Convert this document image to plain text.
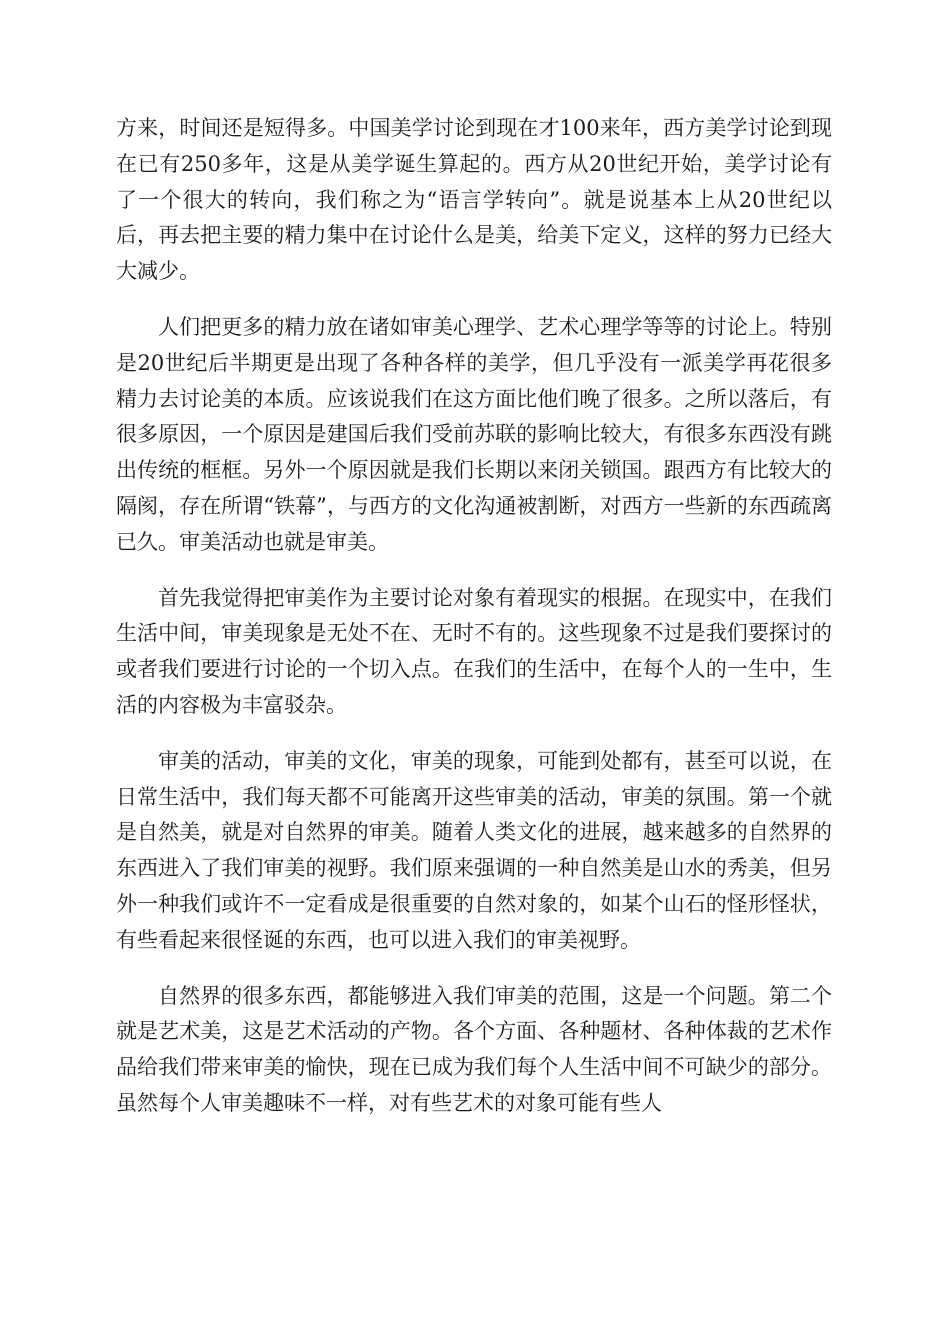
方来，时间还是短得多。中国美学讨论到现在才100来年，西方美学讨论到现在已有250多年，这是从美学诞生算起的。西方从20世纪开始，美学讨论有了一个很大的转向，我们称之为“语言学转向”。就是说基本上从20世纪以后，再去把主要的精力集中在讨论什么是美，给美下定义，这样的努力已经大大减少。

人们把更多的精力放在诸如审美心理学、艺术心理学等等的讨论上。特别是20世纪后半期更是出现了各种各样的美学，但几乎没有一派美学再花很多精力去讨论美的本质。应该说我们在这方面比他们晚了很多。之所以落后，有很多原因，一个原因是建国后我们受前苏联的影响比较大，有很多东西没有跳出传统的框框。另外一个原因就是我们长期以来闭关锁国。跟西方有比较大的隔阂，存在所谓“铁幕”，与西方的文化沟通被割断，对西方一些新的东西疏离已久。审美活动也就是审美。

首先我觉得把审美作为主要讨论对象有着现实的根据。在现实中，在我们生活中间，审美现象是无处不在、无时不有的。这些现象不过是我们要探讨的或者我们要进行讨论的一个切入点。在我们的生活中，在每个人的一生中，生活的内容极为丰富驳杂。

审美的活动，审美的文化，审美的现象，可能到处都有，甚至可以说，在日常生活中，我们每天都不可能离开这些审美的活动，审美的氛围。第一个就是自然美，就是对自然界的审美。随着人类文化的进展，越来越多的自然界的东西进入了我们审美的视野。我们原来强调的一种自然美是山水的秀美，但另外一种我们或许不一定看成是很重要的自然对象的，如某个山石的怪形怪状，有些看起来很怪诞的东西，也可以进入我们的审美视野。

自然界的很多东西，都能够进入我们审美的范围，这是一个问题。第二个就是艺术美，这是艺术活动的产物。各个方面、各种题材、各种体裁的艺术作品给我们带来审美的愉快，现在已成为我们每个人生活中间不可缺少的部分。虽然每个人审美趣味不一样，对有些艺术的对象可能有些人
